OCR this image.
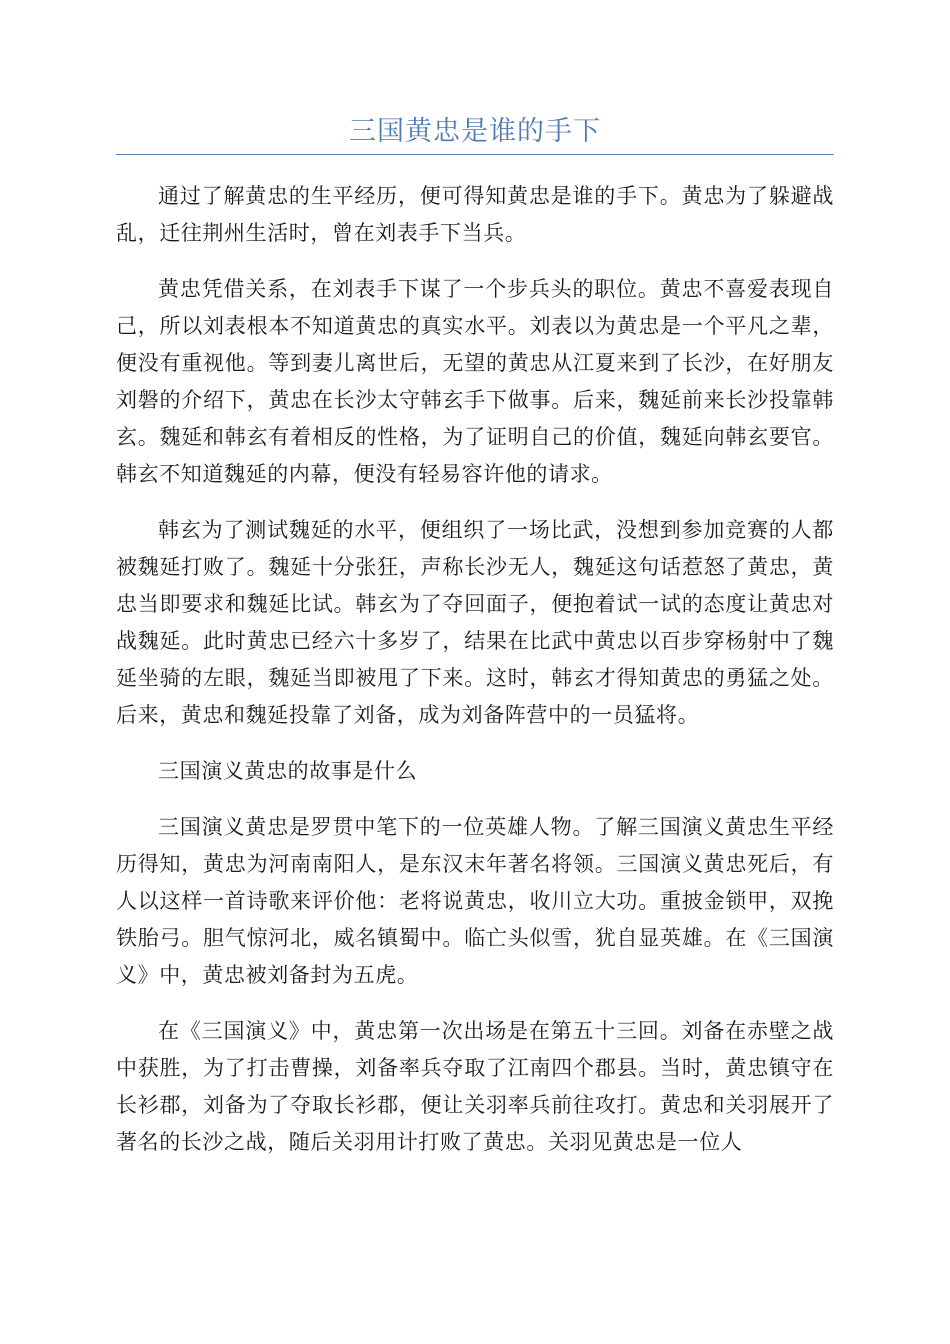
三国黄忠是谁的手下

通过了解黄忠的生平经历，便可得知黄忠是谁的手下。黄忠为了躲避战乱，迁往荆州生活时，曾在刘表手下当兵。

黄忠凭借关系，在刘表手下谋了一个步兵头的职位。黄忠不喜爱表现自己，所以刘表根本不知道黄忠的真实水平。刘表以为黄忠是一个平凡之辈，便没有重视他。等到妻儿离世后，无望的黄忠从江夏来到了长沙，在好朋友刘磐的介绍下，黄忠在长沙太守韩玄手下做事。后来，魏延前来长沙投靠韩玄。魏延和韩玄有着相反的性格，为了证明自己的价值，魏延向韩玄要官。韩玄不知道魏延的内幕，便没有轻易容许他的请求。

韩玄为了测试魏延的水平，便组织了一场比武，没想到参加竞赛的人都被魏延打败了。魏延十分张狂，声称长沙无人，魏延这句话惹怒了黄忠，黄忠当即要求和魏延比试。韩玄为了夺回面子，便抱着试一试的态度让黄忠对战魏延。此时黄忠已经六十多岁了，结果在比武中黄忠以百步穿杨射中了魏延坐骑的左眼，魏延当即被甩了下来。这时，韩玄才得知黄忠的勇猛之处。后来，黄忠和魏延投靠了刘备，成为刘备阵营中的一员猛将。

三国演义黄忠的故事是什么

三国演义黄忠是罗贯中笔下的一位英雄人物。了解三国演义黄忠生平经历得知，黄忠为河南南阳人，是东汉末年著名将领。三国演义黄忠死后，有人以这样一首诗歌来评价他：老将说黄忠，收川立大功。重披金锁甲，双挽铁胎弓。胆气惊河北，威名镇蜀中。临亡头似雪，犹自显英雄。在《三国演义》中，黄忠被刘备封为五虎。

在《三国演义》中，黄忠第一次出场是在第五十三回。刘备在赤壁之战中获胜，为了打击曹操，刘备率兵夺取了江南四个郡县。当时，黄忠镇守在长衫郡，刘备为了夺取长衫郡，便让关羽率兵前往攻打。黄忠和关羽展开了著名的长沙之战，随后关羽用计打败了黄忠。关羽见黄忠是一位人
